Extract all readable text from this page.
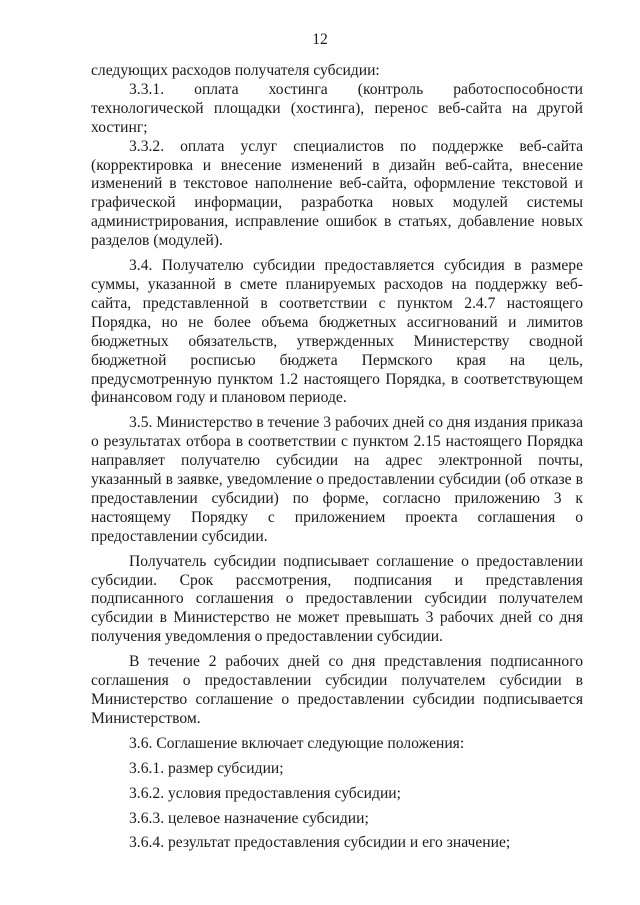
12

следующих расходов получателя субсидии:

3.3.1. оплата хостинга (контроль работоспособности технологической площадки (хостинга), перенос веб-сайта на другой хостинг;

3.3.2. оплата услуг специалистов по поддержке веб-сайта (корректировка и внесение изменений в дизайн веб-сайта, внесение изменений в текстовое наполнение веб-сайта, оформление текстовой и графической информации, разработка новых модулей системы администрирования, исправление ошибок в статьях, добавление новых разделов (модулей).

3.4. Получателю субсидии предоставляется субсидия в размере суммы, указанной в смете планируемых расходов на поддержку веб-сайта, представленной в соответствии с пунктом 2.4.7 настоящего Порядка, но не более объема бюджетных ассигнований и лимитов бюджетных обязательств, утвержденных Министерству сводной бюджетной росписью бюджета Пермского края на цель, предусмотренную пунктом 1.2 настоящего Порядка, в соответствующем финансовом году и плановом периоде.

3.5. Министерство в течение 3 рабочих дней со дня издания приказа о результатах отбора в соответствии с пунктом 2.15 настоящего Порядка направляет получателю субсидии на адрес электронной почты, указанный в заявке, уведомление о предоставлении субсидии (об отказе в предоставлении субсидии) по форме, согласно приложению 3 к настоящему Порядку с приложением проекта соглашения о предоставлении субсидии.

Получатель субсидии подписывает соглашение о предоставлении субсидии. Срок рассмотрения, подписания и представления подписанного соглашения о предоставлении субсидии получателем субсидии в Министерство не может превышать 3 рабочих дней со дня получения уведомления о предоставлении субсидии.

В течение 2 рабочих дней со дня представления подписанного соглашения о предоставлении субсидии получателем субсидии в Министерство соглашение о предоставлении субсидии подписывается Министерством.

3.6. Соглашение включает следующие положения:

3.6.1. размер субсидии;

3.6.2. условия предоставления субсидии;

3.6.3. целевое назначение субсидии;

3.6.4. результат предоставления субсидии и его значение;
